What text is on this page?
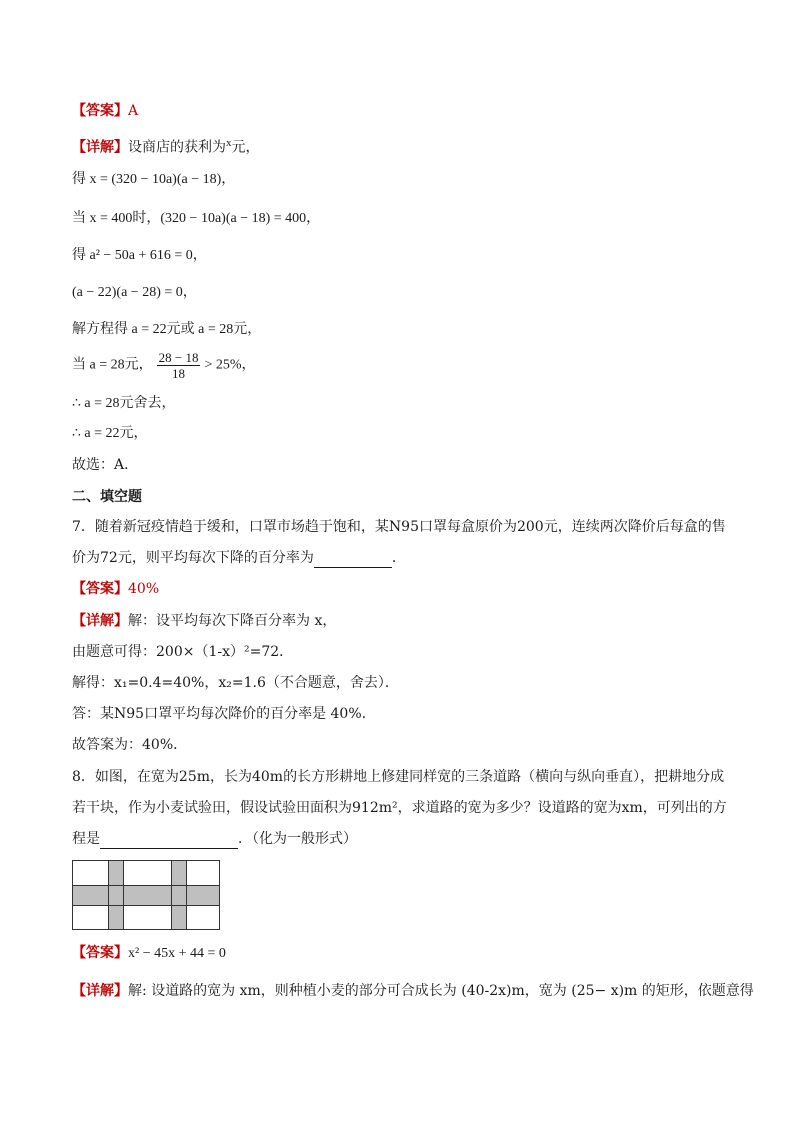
【答案】A
【详解】设商店的获利为$^x$元，
得 x = (320 − 10a)(a − 18)，
当 x = 400时，(320 − 10a)(a − 18) = 400，
得 a² − 50a + 616 = 0，
(a − 22)(a − 28) = 0，
解方程得 a = 22元或 a = 28元，
当 a = 28元， $\frac{28 - 18}{18} > 25\%$，
∴ a = 28元舍去，
∴ a = 22元，
故选：A．
二、填空题
7．随着新冠疫情趋于缓和，口罩市场趋于饱和，某N95口罩每盒原价为200元，连续两次降价后每盒的售
价为72元，则平均每次下降的百分率为	．
【答案】40%
【详解】解：设平均每次下降百分率为 x，
由题意可得：200×（1-x）²=72．
解得：x₁=0.4=40%，x₂=1.6（不合题意，舍去）．
答：某N95口罩平均每次降价的百分率是 40%．
故答案为：40%．
8．如图，在宽为25m，长为40m的长方形耕地上修建同样宽的三条道路（横向与纵向垂直），把耕地分成
若干块，作为小麦试验田，假设试验田面积为912m²，求道路的宽为多少？设道路的宽为xm，可列出的方
程是	．（化为一般形式）
【答案】x² − 45x + 44 = 0
【详解】解: 设道路的宽为 xm，则种植小麦的部分可合成长为 (40-2x)m，宽为 (25− x)m 的矩形，依题意得
